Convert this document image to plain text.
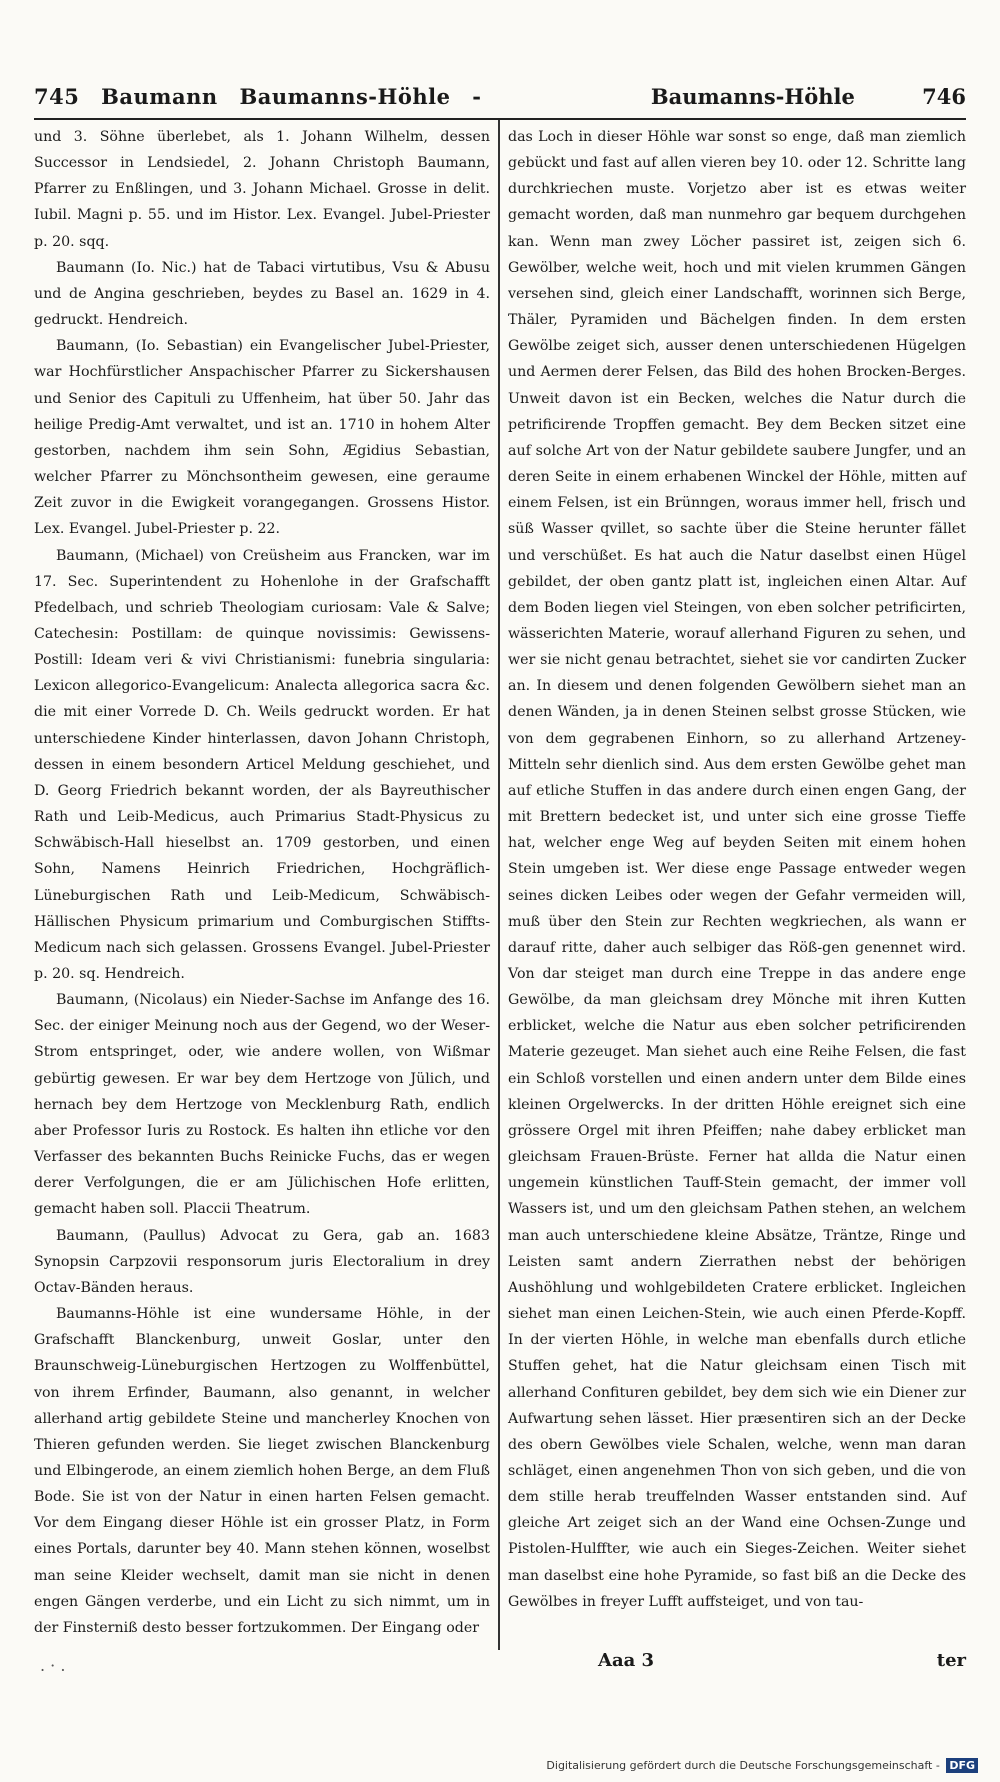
745 Baumann Baumanns-Höhle -	Baumanns-Höhle	746

und 3. Söhne überlebet, als 1. Johann Wilhelm, dessen Successor in Lendsiedel, 2. Johann Christoph Baumann, Pfarrer zu Enßlingen, und 3. Johann Michael. Grosse in delit. Iubil. Magni p. 55. und im Histor. Lex. Evangel. Jubel-Priester p. 20. sqq.

Baumann (Io. Nic.) hat de Tabaci virtutibus, Vsu & Abusu und de Angina geschrieben, beydes zu Basel an. 1629 in 4. gedruckt. Hendreich.

Baumann, (Io. Sebastian) ein Evangelischer Jubel-Priester, war Hochfürstlicher Anspachischer Pfarrer zu Sickershausen und Senior des Capituli zu Uffenheim, hat über 50. Jahr das heilige Predig-Amt verwaltet, und ist an. 1710 in hohem Alter gestorben, nachdem ihm sein Sohn, Ægidius Sebastian, welcher Pfarrer zu Mönchsontheim gewesen, eine geraume Zeit zuvor in die Ewigkeit vorangegangen. Grossens Histor. Lex. Evangel. Jubel-Priester p. 22.

Baumann, (Michael) von Creüsheim aus Francken, war im 17. Sec. Superintendent zu Hohenlohe in der Grafschafft Pfedelbach, und schrieb Theologiam curiosam: Vale & Salve; Catechesin: Postillam: de quinque novissimis: Gewissens-Postill: Ideam veri & vivi Christianismi: funebria singularia: Lexicon allegorico-Evangelicum: Analecta allegorica sacra &c. die mit einer Vorrede D. Ch. Weils gedruckt worden. Er hat unterschiedene Kinder hinterlassen, davon Johann Christoph, dessen in einem besondern Articel Meldung geschiehet, und D. Georg Friedrich bekannt worden, der als Bayreuthischer Rath und Leib-Medicus, auch Primarius Stadt-Physicus zu Schwäbisch-Hall hieselbst an. 1709 gestorben, und einen Sohn, Namens Heinrich Friedrichen, Hochgräflich-Lüneburgischen Rath und Leib-Medicum, Schwäbisch-Hällischen Physicum primarium und Comburgischen Stiffts-Medicum nach sich gelassen. Grossens Evangel. Jubel-Priester p. 20. sq. Hendreich.

Baumann, (Nicolaus) ein Nieder-Sachse im Anfange des 16. Sec. der einiger Meinung noch aus der Gegend, wo der Weser-Strom entspringet, oder, wie andere wollen, von Wißmar gebürtig gewesen. Er war bey dem Hertzoge von Jülich, und hernach bey dem Hertzoge von Mecklenburg Rath, endlich aber Professor Iuris zu Rostock. Es halten ihn etliche vor den Verfasser des bekannten Buchs Reinicke Fuchs, das er wegen derer Verfolgungen, die er am Jülichischen Hofe erlitten, gemacht haben soll. Placcii Theatrum.

Baumann, (Paullus) Advocat zu Gera, gab an. 1683 Synopsin Carpzovii responsorum juris Electoralium in drey Octav-Bänden heraus.

Baumanns-Höhle ist eine wundersame Höhle, in der Grafschafft Blanckenburg, unweit Goslar, unter den Braunschweig-Lüneburgischen Hertzogen zu Wolffenbüttel, von ihrem Erfinder, Baumann, also genannt, in welcher allerhand artig gebildete Steine und mancherley Knochen von Thieren gefunden werden. Sie lieget zwischen Blanckenburg und Elbingerode, an einem ziemlich hohen Berge, an dem Fluß Bode. Sie ist von der Natur in einen harten Felsen gemacht. Vor dem Eingang dieser Höhle ist ein grosser Platz, in Form eines Portals, darunter bey 40. Mann stehen können, woselbst man seine Kleider wechselt, damit man sie nicht in denen engen Gängen verderbe, und ein Licht zu sich nimmt, um in der Finsterniß desto besser fortzukommen. Der Eingang oder

das Loch in dieser Höhle war sonst so enge, daß man ziemlich gebückt und fast auf allen vieren bey 10. oder 12. Schritte lang durchkriechen muste. Vorjetzo aber ist es etwas weiter gemacht worden, daß man nunmehro gar bequem durchgehen kan. Wenn man zwey Löcher passiret ist, zeigen sich 6. Gewölber, welche weit, hoch und mit vielen krummen Gängen versehen sind, gleich einer Landschafft, worinnen sich Berge, Thäler, Pyramiden und Bächelgen finden. In dem ersten Gewölbe zeiget sich, ausser denen unterschiedenen Hügelgen und Aermen derer Felsen, das Bild des hohen Brocken-Berges. Unweit davon ist ein Becken, welches die Natur durch die petrificirende Tropffen gemacht. Bey dem Becken sitzet eine auf solche Art von der Natur gebildete saubere Jungfer, und an deren Seite in einem erhabenen Winckel der Höhle, mitten auf einem Felsen, ist ein Brünngen, woraus immer hell, frisch und süß Wasser qvillet, so sachte über die Steine herunter fället und verschüßet. Es hat auch die Natur daselbst einen Hügel gebildet, der oben gantz platt ist, ingleichen einen Altar. Auf dem Boden liegen viel Steingen, von eben solcher petrificirten, wässerichten Materie, worauf allerhand Figuren zu sehen, und wer sie nicht genau betrachtet, siehet sie vor candirten Zucker an. In diesem und denen folgenden Gewölbern siehet man an denen Wänden, ja in denen Steinen selbst grosse Stücken, wie von dem gegrabenen Einhorn, so zu allerhand Artzeney-Mitteln sehr dienlich sind. Aus dem ersten Gewölbe gehet man auf etliche Stuffen in das andere durch einen engen Gang, der mit Brettern bedecket ist, und unter sich eine grosse Tieffe hat, welcher enge Weg auf beyden Seiten mit einem hohen Stein umgeben ist. Wer diese enge Passage entweder wegen seines dicken Leibes oder wegen der Gefahr vermeiden will, muß über den Stein zur Rechten wegkriechen, als wann er darauf ritte, daher auch selbiger das Röß-gen genennet wird. Von dar steiget man durch eine Treppe in das andere enge Gewölbe, da man gleichsam drey Mönche mit ihren Kutten erblicket, welche die Natur aus eben solcher petrificirenden Materie gezeuget. Man siehet auch eine Reihe Felsen, die fast ein Schloß vorstellen und einen andern unter dem Bilde eines kleinen Orgelwercks. In der dritten Höhle ereignet sich eine grössere Orgel mit ihren Pfeiffen; nahe dabey erblicket man gleichsam Frauen-Brüste. Ferner hat allda die Natur einen ungemein künstlichen Tauff-Stein gemacht, der immer voll Wassers ist, und um den gleichsam Pathen stehen, an welchem man auch unterschiedene kleine Absätze, Träntze, Ringe und Leisten samt andern Zierrathen nebst der behörigen Aushöhlung und wohlgebildeten Cratere erblicket. Ingleichen siehet man einen Leichen-Stein, wie auch einen Pferde-Kopff. In der vierten Höhle, in welche man ebenfalls durch etliche Stuffen gehet, hat die Natur gleichsam einen Tisch mit allerhand Confituren gebildet, bey dem sich wie ein Diener zur Aufwartung sehen lässet. Hier præsentiren sich an der Decke des obern Gewölbes viele Schalen, welche, wenn man daran schläget, einen angenehmen Thon von sich geben, und die von dem stille herab treuffelnden Wasser entstanden sind. Auf gleiche Art zeiget sich an der Wand eine Ochsen-Zunge und Pistolen-Hulffter, wie auch ein Sieges-Zeichen. Weiter siehet man daselbst eine hohe Pyramide, so fast biß an die Decke des Gewölbes in freyer Lufft auffsteiget, und von tau-

. · .	Aaa 3	ter
Digitalisierung gefördert durch die Deutsche Forschungsgemeinschaft - DFG
